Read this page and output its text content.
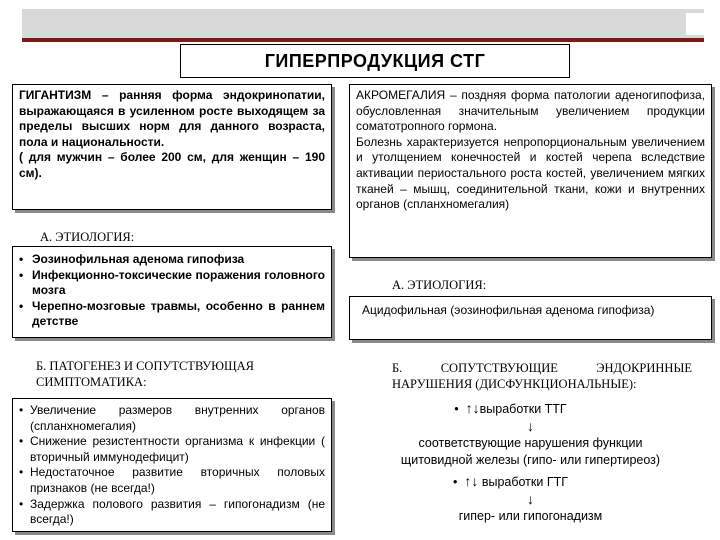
ГИПЕРПРОДУКЦИЯ СТГ

ГИГАНТИЗМ – ранняя форма эндокринопатии, выражающаяся в усиленном росте выходящем за пределы высших норм для данного возраста, пола и национальности.

( для мужчин – более 200 см, для женщин – 190 см).

А. ЭТИОЛОГИЯ:
• Эозинофильная аденома гипофиза
• Инфекционно-токсические поражения головного мозга
• Черепно-мозговые травмы, особенно в раннем детстве
Б. ПАТОГЕНЕЗ И СОПУТСТВУЮЩАЯ
СИМПТОМАТИКА:
• Увеличение размеров внутренних органов (спланхномегалия)
• Снижение резистентности организма к инфекции ( вторичный иммунодефицит)
• Недостаточное развитие вторичных половых признаков (не всегда!)
• Задержка полового развития – гипогонадизм (не всегда!)

АКРОМЕГАЛИЯ – поздняя форма патологии аденогипофиза, обусловленная значительным увеличением продукции соматотропного гормона.

Болезнь характеризуется непропорциональным увеличением и утолщением конечностей и костей черепа вследствие активации периостального роста костей, увеличением мягких тканей – мышц, соединительной ткани, кожи и внутренних органов (спланхномегалия)

А. ЭТИОЛОГИЯ:
Ацидофильная (эозинофильная аденома гипофиза)
Б. СОПУТСТВУЮЩИЕ ЭНДОКРИННЫЕ
НАРУШЕНИЯ (ДИСФУНКЦИОНАЛЬНЫЕ):
• ↑↓выработки ТТГ
↓
соответствующие нарушения функции
щитовидной железы (гипо- или гипертиреоз)
• ↑↓ выработки ГТГ
↓
гипер- или гипогонадизм
